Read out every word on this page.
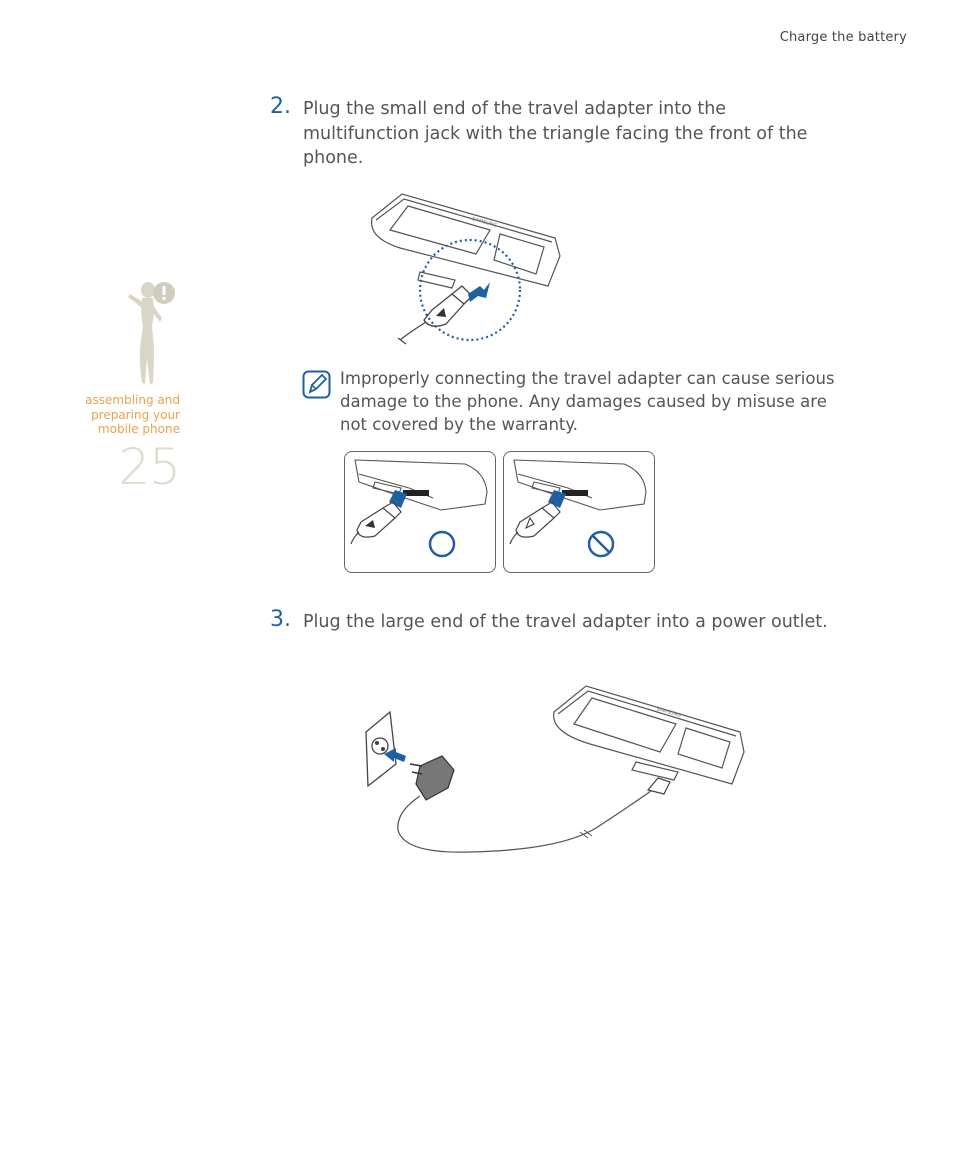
Charge the battery
assembling and
preparing your
mobile phone
25
2. Plug the small end of the travel adapter into the multifunction jack with the triangle facing the front of the phone.
SAMSUNG
Improperly connecting the travel adapter can cause serious damage to the phone. Any damages caused by misuse are not covered by the warranty.
3. Plug the large end of the travel adapter into a power outlet.
SAMSUNG
